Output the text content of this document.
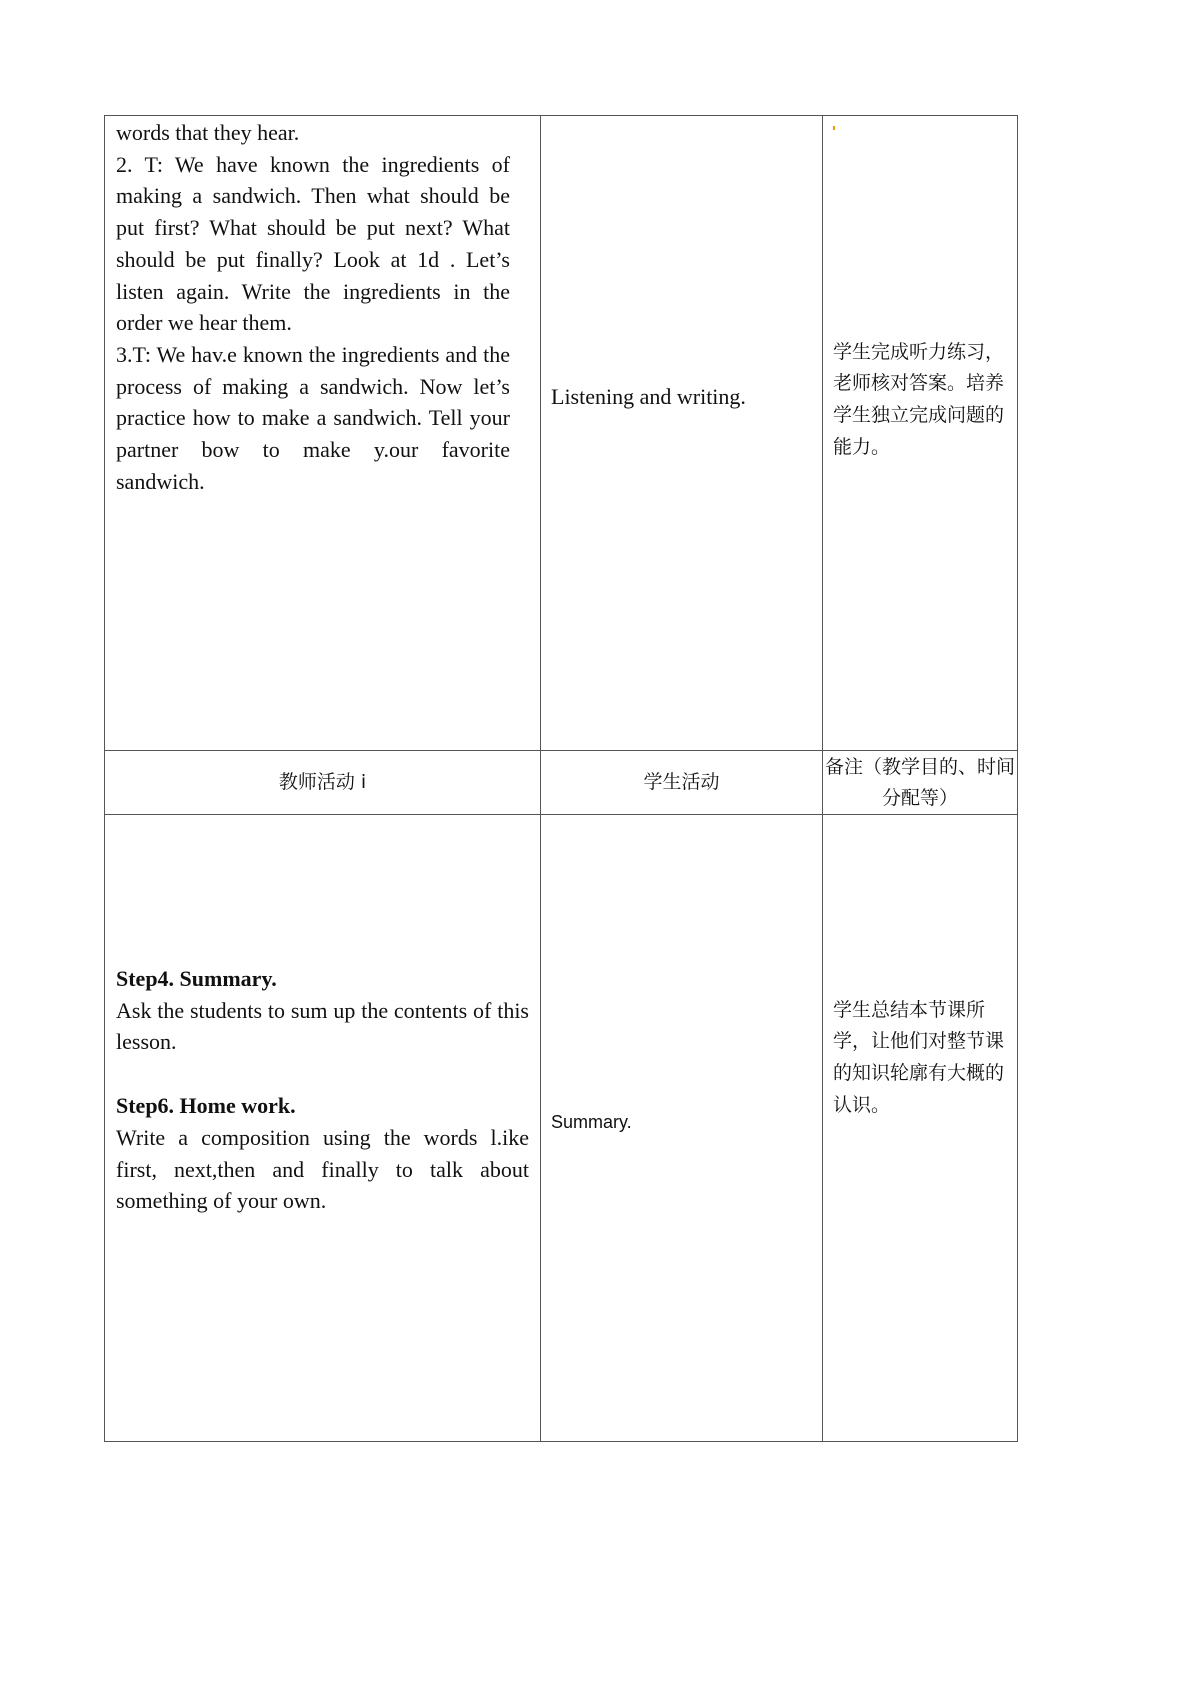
words that they hear.

2. T: We have known the ingredients of making a sandwich. Then what should be put first? What should be put next? What should be put finally? Look at 1d . Let’s listen again. Write the ingredients in the order we hear them.

3.T: We hav.e known the ingredients and the process of making a sandwich. Now let’s practice how to make a sandwich. Tell your partner bow to make y.our favorite sandwich.	Listening and writing.	学生完成听力练习，老师核对答案。培养学生独立完成问题的能力。

教师活动 i	学生活动	备注（教学目的、时间分配等）

Step4. Summary.

Ask the students to sum up the contents of this lesson.

Step6. Home work.

Write a composition using the words l.ike first, next,then and finally to talk about something of your own.	Summary.	学生总结本节课所学，让他们对整节课的知识轮廓有大概的认识。
